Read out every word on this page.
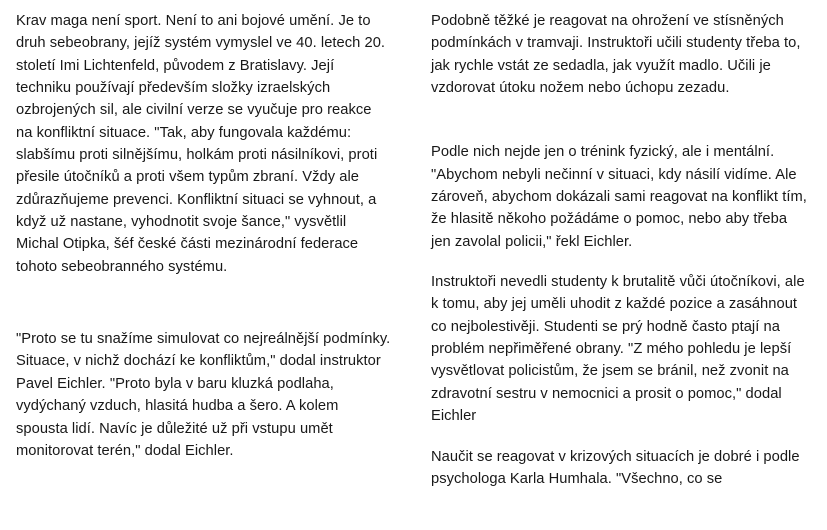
Krav maga není sport. Není to ani bojové umění. Je to druh sebeobrany, jejíž systém vymyslel ve 40. letech 20. století Imi Lichtenfeld, původem z Bratislavy. Její techniku používají především složky izraelských ozbrojených sil, ale civilní verze se vyučuje pro reakce na konfliktní situace. "Tak, aby fungovala každému: slabšímu proti silnějšímu, holkám proti násilníkovi, proti přesile útočníků a proti všem typům zbraní. Vždy ale zdůrazňujeme prevenci. Konfliktní situaci se vyhnout, a když už nastane, vyhodnotit svoje šance," vysvětlil Michal Otipka, šéf české části mezinárodní federace tohoto sebeobranného systému.

"Proto se tu snažíme simulovat co nejreálnější podmínky. Situace, v nichž dochází ke konfliktům," dodal instruktor Pavel Eichler. "Proto byla v baru kluzká podlaha, vydýchaný vzduch, hlasitá hudba a šero. A kolem spousta lidí. Navíc je důležité už při vstupu umět monitorovat terén," dodal Eichler.

Podobně těžké je reagovat na ohrožení ve stísněných podmínkách v tramvaji. Instruktoři učili studenty třeba to, jak rychle vstát ze sedadla, jak využít madlo. Učili je vzdorovat útoku nožem nebo úchopu zezadu.

Podle nich nejde jen o trénink fyzický, ale i mentální. "Abychom nebyli nečinní v situaci, kdy násilí vidíme. Ale zároveň, abychom dokázali sami reagovat na konflikt tím, že hlasitě někoho požádáme o pomoc, nebo aby třeba jen zavolal policii," řekl Eichler.

Instruktoři nevedli studenty k brutalitě vůči útočníkovi, ale k tomu, aby jej uměli uhodit z každé pozice a zasáhnout co nejbolestivěji. Studenti se prý hodně často ptají na problém nepřiměřené obrany. "Z mého pohledu je lepší vysvětlovat policistům, že jsem se bránil, než zvonit na zdravotní sestru v nemocnici a prosit o pomoc," dodal Eichler

Naučit se reagovat v krizových situacích je dobré i podle psychologa Karla Humhala. "Všechno, co se
